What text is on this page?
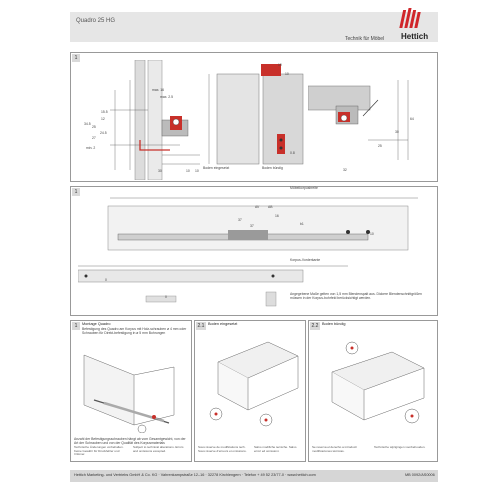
Quadro 25 HG
Hettich
Technik für Möbel
1
max. 16
max. 2.5
15.5
12
34.5
25
24.5
27
min. 2
30	10 10
19
10
0.8
Boden eingesetzt	Boden bündig
64
25
30
32
1
Möbelkorpusbreite
AV	AB
16
37
37	b1
10
Korpus-Vorderkante
0
0
Angegebene Maße gelten von 1,5 mm Blendenspalt aus. Dickere Blendenschnittgrößen müssen in der Korpus-bohrfeld berücksichtigt werden.
1	Montage Quadro
Befestigung des Quadro am Korpus mit Holz-schrauben ø 4 mm oder Schrauben für Direkt-befestigung in ø 5 mm Bohrungen
2.1 Boden eingesetzt	2.2 Boden bündig
Anzahl der Befestigungsschrauben hängt ab vom Gesamtgewicht, von der Art der Schrauben und von der Qualität des Korpusmaterials
Technische Änderungen vorbehalten. Keine Gewähr für Druckfehler und Irrtümer.
Subject to technical alterations. Errors and omissions excepted.
Sous réserve de modifications tech. Sous réserve d'erreurs et omissions.
Salvo modifiche tecniche. Salvo errori ed omissioni.
Se reserva el derecho a introducir modificaciones técnicas.
Technische wijzigingen voorbehouden.
Hettich Marketing- und Vertriebs GmbH & Co. KG · Vahrenkampstraße 12–16 · 32278 Kirchlengern · Telefon + 49 52 23/77-0 · www.hettich.com	MB 0092/AS0006
